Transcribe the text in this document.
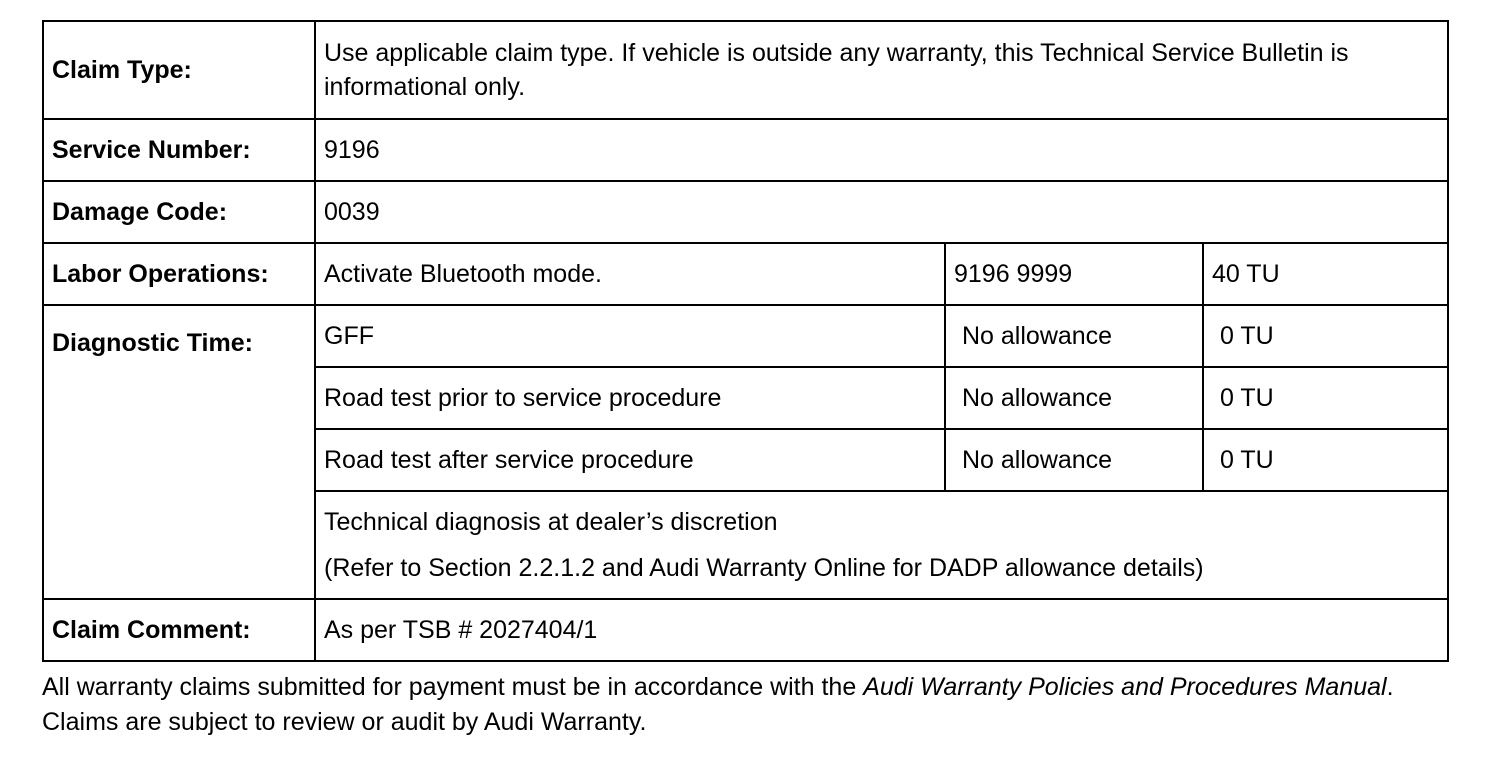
Claim Type:	Use applicable claim type. If vehicle is outside any warranty, this Technical Service Bulletin is informational only.		
Service Number:	9196		
Damage Code:	0039		
Labor Operations:	Activate Bluetooth mode.	9196 9999	40 TU
Diagnostic Time:	GFF	No allowance	0 TU
	Road test prior to service procedure	No allowance	0 TU
	Road test after service procedure	No allowance	0 TU

	Technical diagnosis at dealer’s discretion
(Refer to Section 2.2.1.2 and Audi Warranty Online for DADP allowance details)		

Claim Comment:	As per TSB # 2027404/1		

All warranty claims submitted for payment must be in accordance with the Audi Warranty Policies and Procedures Manual. Claims are subject to review or audit by Audi Warranty.
